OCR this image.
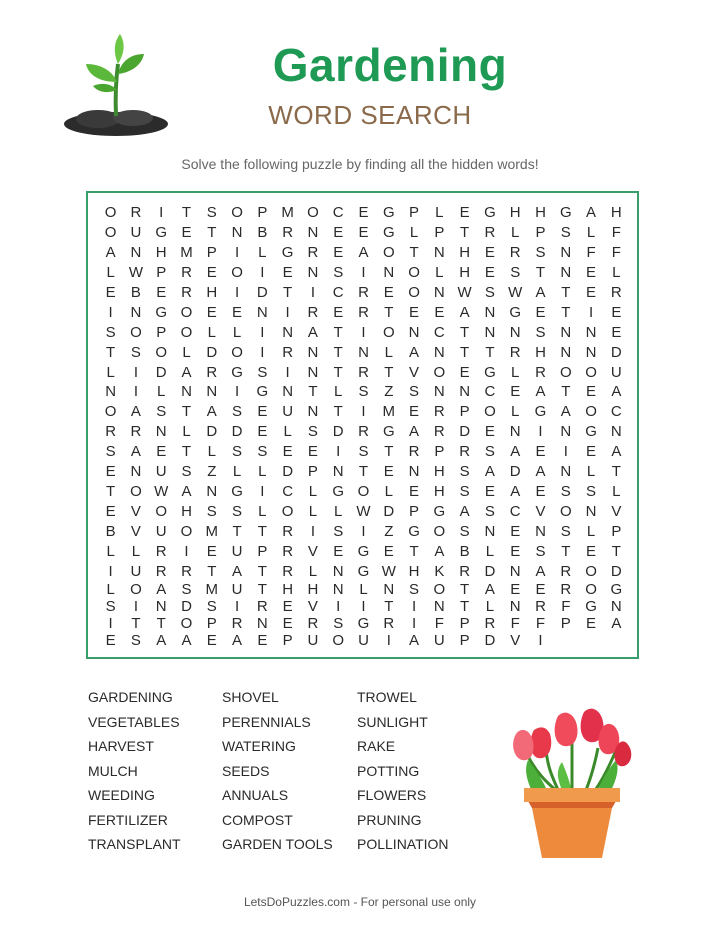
Gardening
WORD SEARCH
Solve the following puzzle by finding all the hidden words!
O R	I	T	S O P M O C E G P	L	E G H H G A H
O U G E	T	N B R N E	E G	L	P	T	R	L	P	S	L	F
A N H M P	I	L	G R E	A O T	N H E R S N	F	F
L W P R E O	I	E N S	I	N O	L	H E	S	T	N E	L
E	B	E R H	I	D	T	I	C R E O N W S W A	T	E R
I	N G O E	E N	I	R E R	T	E	E	A N G E	T	I	E
S O P O	L	L	I	N A	T	I	O N C	T	N N S N N E
T	S O	L	D O	I	R N	T	N	L	A N	T	T	R H N N D
L	I	D A R G S	I	N	T	R	T	V O E G	L	R O O U
N	I	L	N N	I	G N	T	L	S	Z	S N N C E	A	T	E	A
O A	S	T	A	S	E U N	T	I	M E R P O	L	G A O C
R R N	L	D D E	L	S D R G A R D E N	I	N G N
S	A	E	T	L	S	S	E	E	I	S	T	R P R S	A	E	I	E	A
E N U S	Z	L	L	D P N	T	E N H S	A D A N	L	T
T O W A N G	I	C	L	G O	L	E H S	E	A	E	S	S	L
E	V O H S	S	L	O	L	L W D P G A	S C V O N V
B	V U O M T	T	R	I	S	I	Z G O S N E N S	L	P
L	L	R	I	E U P R V	E G E	T	A	B	L	E	S	T	E	T
I	U R R	T	A	T	R	L	N G W H K R D N A R O D
L	O A	S M U	T	H H N	L	N S O T	A	E	E R O G
S	I	N D S	I	R E	V	I	I	T	I	N	T	L	N R	F G N
I	T	T O P R N E R S G R	I	F	P R	F	F	P	E	A
E	S	A	A	E	A	E	P U O U	I	A U P D V	I
GARDENING	SHOVEL	TROWEL
VEGETABLES	PERENNIALS	SUNLIGHT
HARVEST	WATERING	RAKE
MULCH	SEEDS	POTTING
WEEDING	ANNUALS	FLOWERS
FERTILIZER	COMPOST	PRUNING
TRANSPLANT	GARDEN TOOLS	POLLINATION
LetsDoPuzzles.com - For personal use only
